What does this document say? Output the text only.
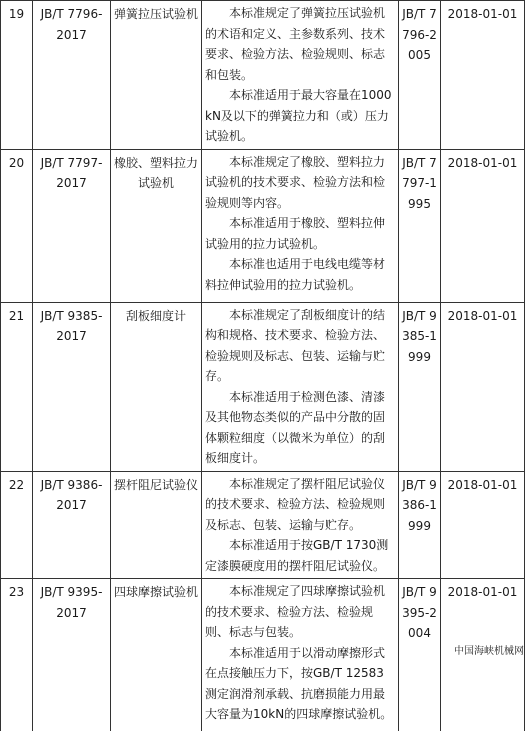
19	JB/T 7796-2017	弹簧拉压试验机	本标准规定了弹簧拉压试验机的术语和定义、主参数系列、技术要求、检验方法、检验规则、标志和包装。

本标准适用于最大容量在1000kN及以下的弹簧拉力和（或）压力试验机。	JB/T 7796-2005	2018-01-01
20	JB/T 7797-2017	橡胶、塑料拉力试验机	本标准规定了橡胶、塑料拉力试验机的技术要求、检验方法和检验规则等内容。

本标准适用于橡胶、塑料拉伸试验用的拉力试验机。

本标准也适用于电线电缆等材料拉伸试验用的拉力试验机。	JB/T 7797-1995	2018-01-01
21	JB/T 9385-2017	刮板细度计	本标准规定了刮板细度计的结构和规格、技术要求、检验方法、检验规则及标志、包装、运输与贮存。

本标准适用于检测色漆、清漆及其他物态类似的产品中分散的固体颗粒细度（以微米为单位）的刮板细度计。	JB/T 9385-1999	2018-01-01
22	JB/T 9386-2017	摆杆阻尼试验仪	本标准规定了摆杆阻尼试验仪的技术要求、检验方法、检验规则及标志、包装、运输与贮存。

本标准适用于按GB/T 1730测定漆膜硬度用的摆杆阻尼试验仪。	JB/T 9386-1999	2018-01-01
23	JB/T 9395-2017	四球摩擦试验机	本标准规定了四球摩擦试验机的技术要求、检验方法、检验规则、标志与包装。

本标准适用于以滑动摩擦形式在点接触压力下，按GB/T 12583测定润滑剂承载、抗磨损能力用最大容量为10kN的四球摩擦试验机。	JB/T 9395-2004	2018-01-01
中国海峡机械网
